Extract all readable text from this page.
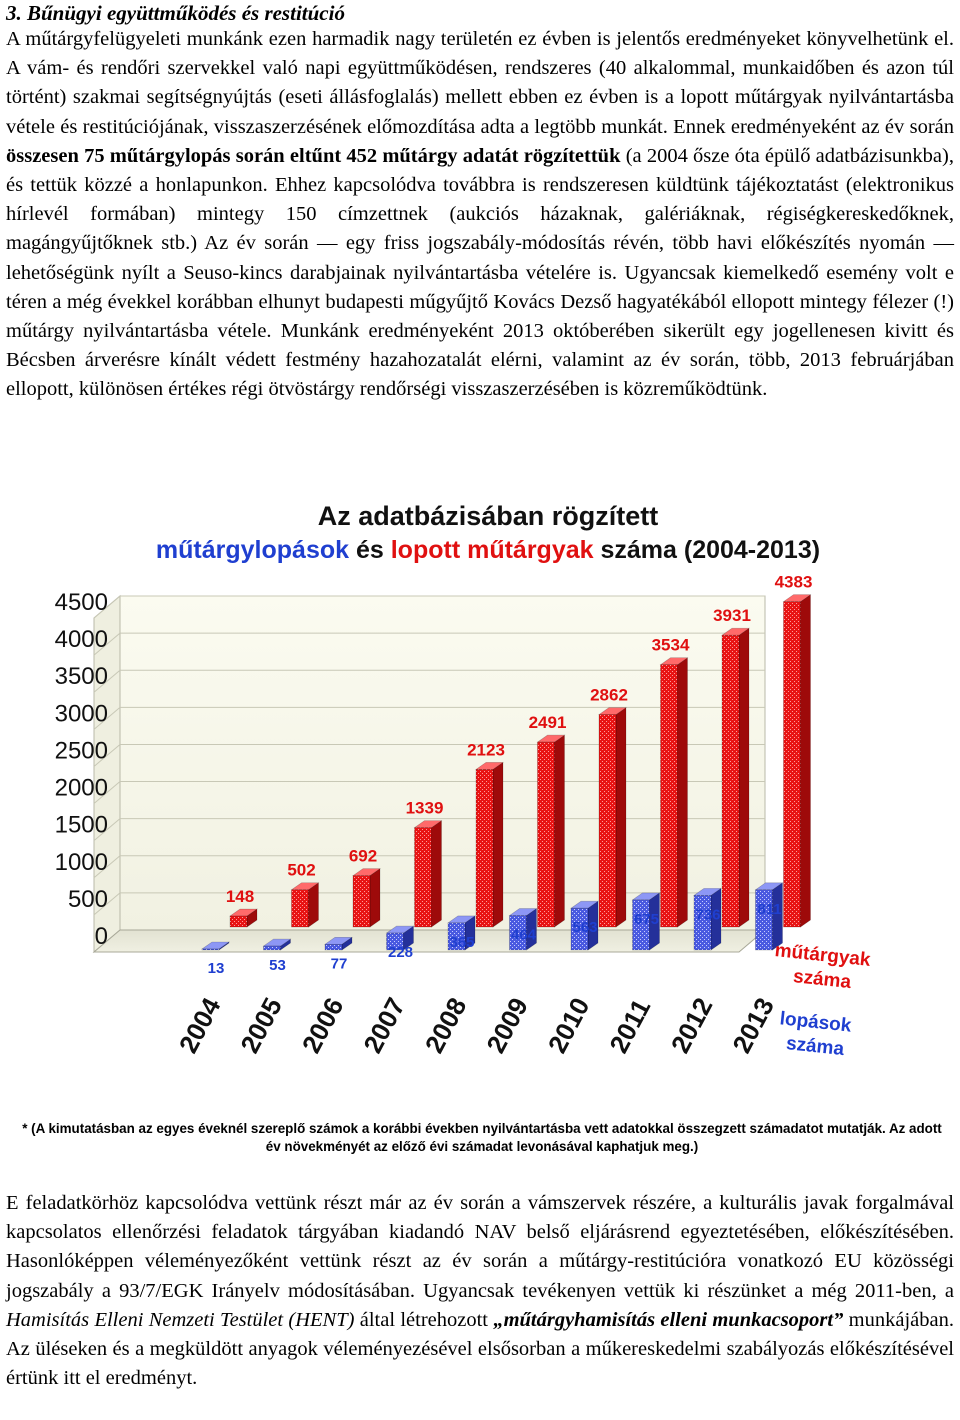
3. Bűnügyi együttműködés és restitúció

A műtárgyfelügyeleti munkánk ezen harmadik nagy területén ez évben is jelentős eredményeket könyvelhetünk el. A vám- és rendőri szervekkel való napi együttműködésen, rendszeres (40 alkalommal, munkaidőben és azon túl történt) szakmai segítségnyújtás (eseti állásfoglalás) mellett ebben ez évben is a lopott műtárgyak nyilvántartásba vétele és restitúciójának, visszaszerzésének előmozdítása adta a legtöbb munkát. Ennek eredményeként az év során összesen 75 műtárgylopás során eltűnt 452 műtárgy adatát rögzítettük (a 2004 ősze óta épülő adatbázisunkba), és tettük közzé a honlapunkon. Ehhez kapcsolódva továbbra is rendszeresen küldtünk tájékoztatást (elektronikus hírlevél formában) mintegy 150 címzettnek (aukciós házaknak, galériáknak, régiségkereskedőknek, magángyűjtőknek stb.) Az év során — egy friss jogszabály-módosítás révén, több havi előkészítés nyomán — lehetőségünk nyílt a Seuso-kincs darabjainak nyilvántartásba vételére is. Ugyancsak kiemelkedő esemény volt e téren a még évekkel korábban elhunyt budapesti műgyűjtő Kovács Dezső hagyatékából ellopott mintegy félezer (!) műtárgy nyilvántartásba vétele. Munkánk eredményeként 2013 októberében sikerült egy jogellenesen kivitt és Bécsben árverésre kínált védett festmény hazahozatalát elérni, valamint az év során, több, 2013 februárjában ellopott, különösen értékes régi ötvöstárgy rendőrségi visszaszerzésében is közreműködtünk.

Az adatbázisában rögzített
műtárgylopások és lopott műtárgyak száma (2004-2013)
0
500
1000
1500
2000
2500
3000
3500
4000
4500
148
13
2004
502
53
2005
692
77
2006
1339
228
2007
2123
365
2008
2491
464
2009
2862
563
2010
3534
675
2011
3931
736
2012
4383
811
2013
műtárgyakszáma
lopásokszáma
* (A kimutatásban az egyes éveknél szereplő számok a korábbi években nyilvántartásba vett adatokkal összegzett számadatot mutatják. Az adott év növekményét az előző évi számadat levonásával kaphatjuk meg.)

E feladatkörhöz kapcsolódva vettünk részt már az év során a vámszervek részére, a kulturális javak forgalmával kapcsolatos ellenőrzési feladatok tárgyában kiadandó NAV belső eljárásrend egyeztetésében, előkészítésében. Hasonlóképpen véleményezőként vettünk részt az év során a műtárgy-restitúcióra vonatkozó EU közösségi jogszabály a 93/7/EGK Irányelv módosításában. Ugyancsak tevékenyen vettük ki részünket a még 2011-ben, a Hamisítás Elleni Nemzeti Testület (HENT) által létrehozott „műtárgyhamisítás elleni munkacsoport” munkájában. Az üléseken és a megküldött anyagok véleményezésével elsősorban a műkereskedelmi szabályozás előkészítésével értünk itt el eredményt.
